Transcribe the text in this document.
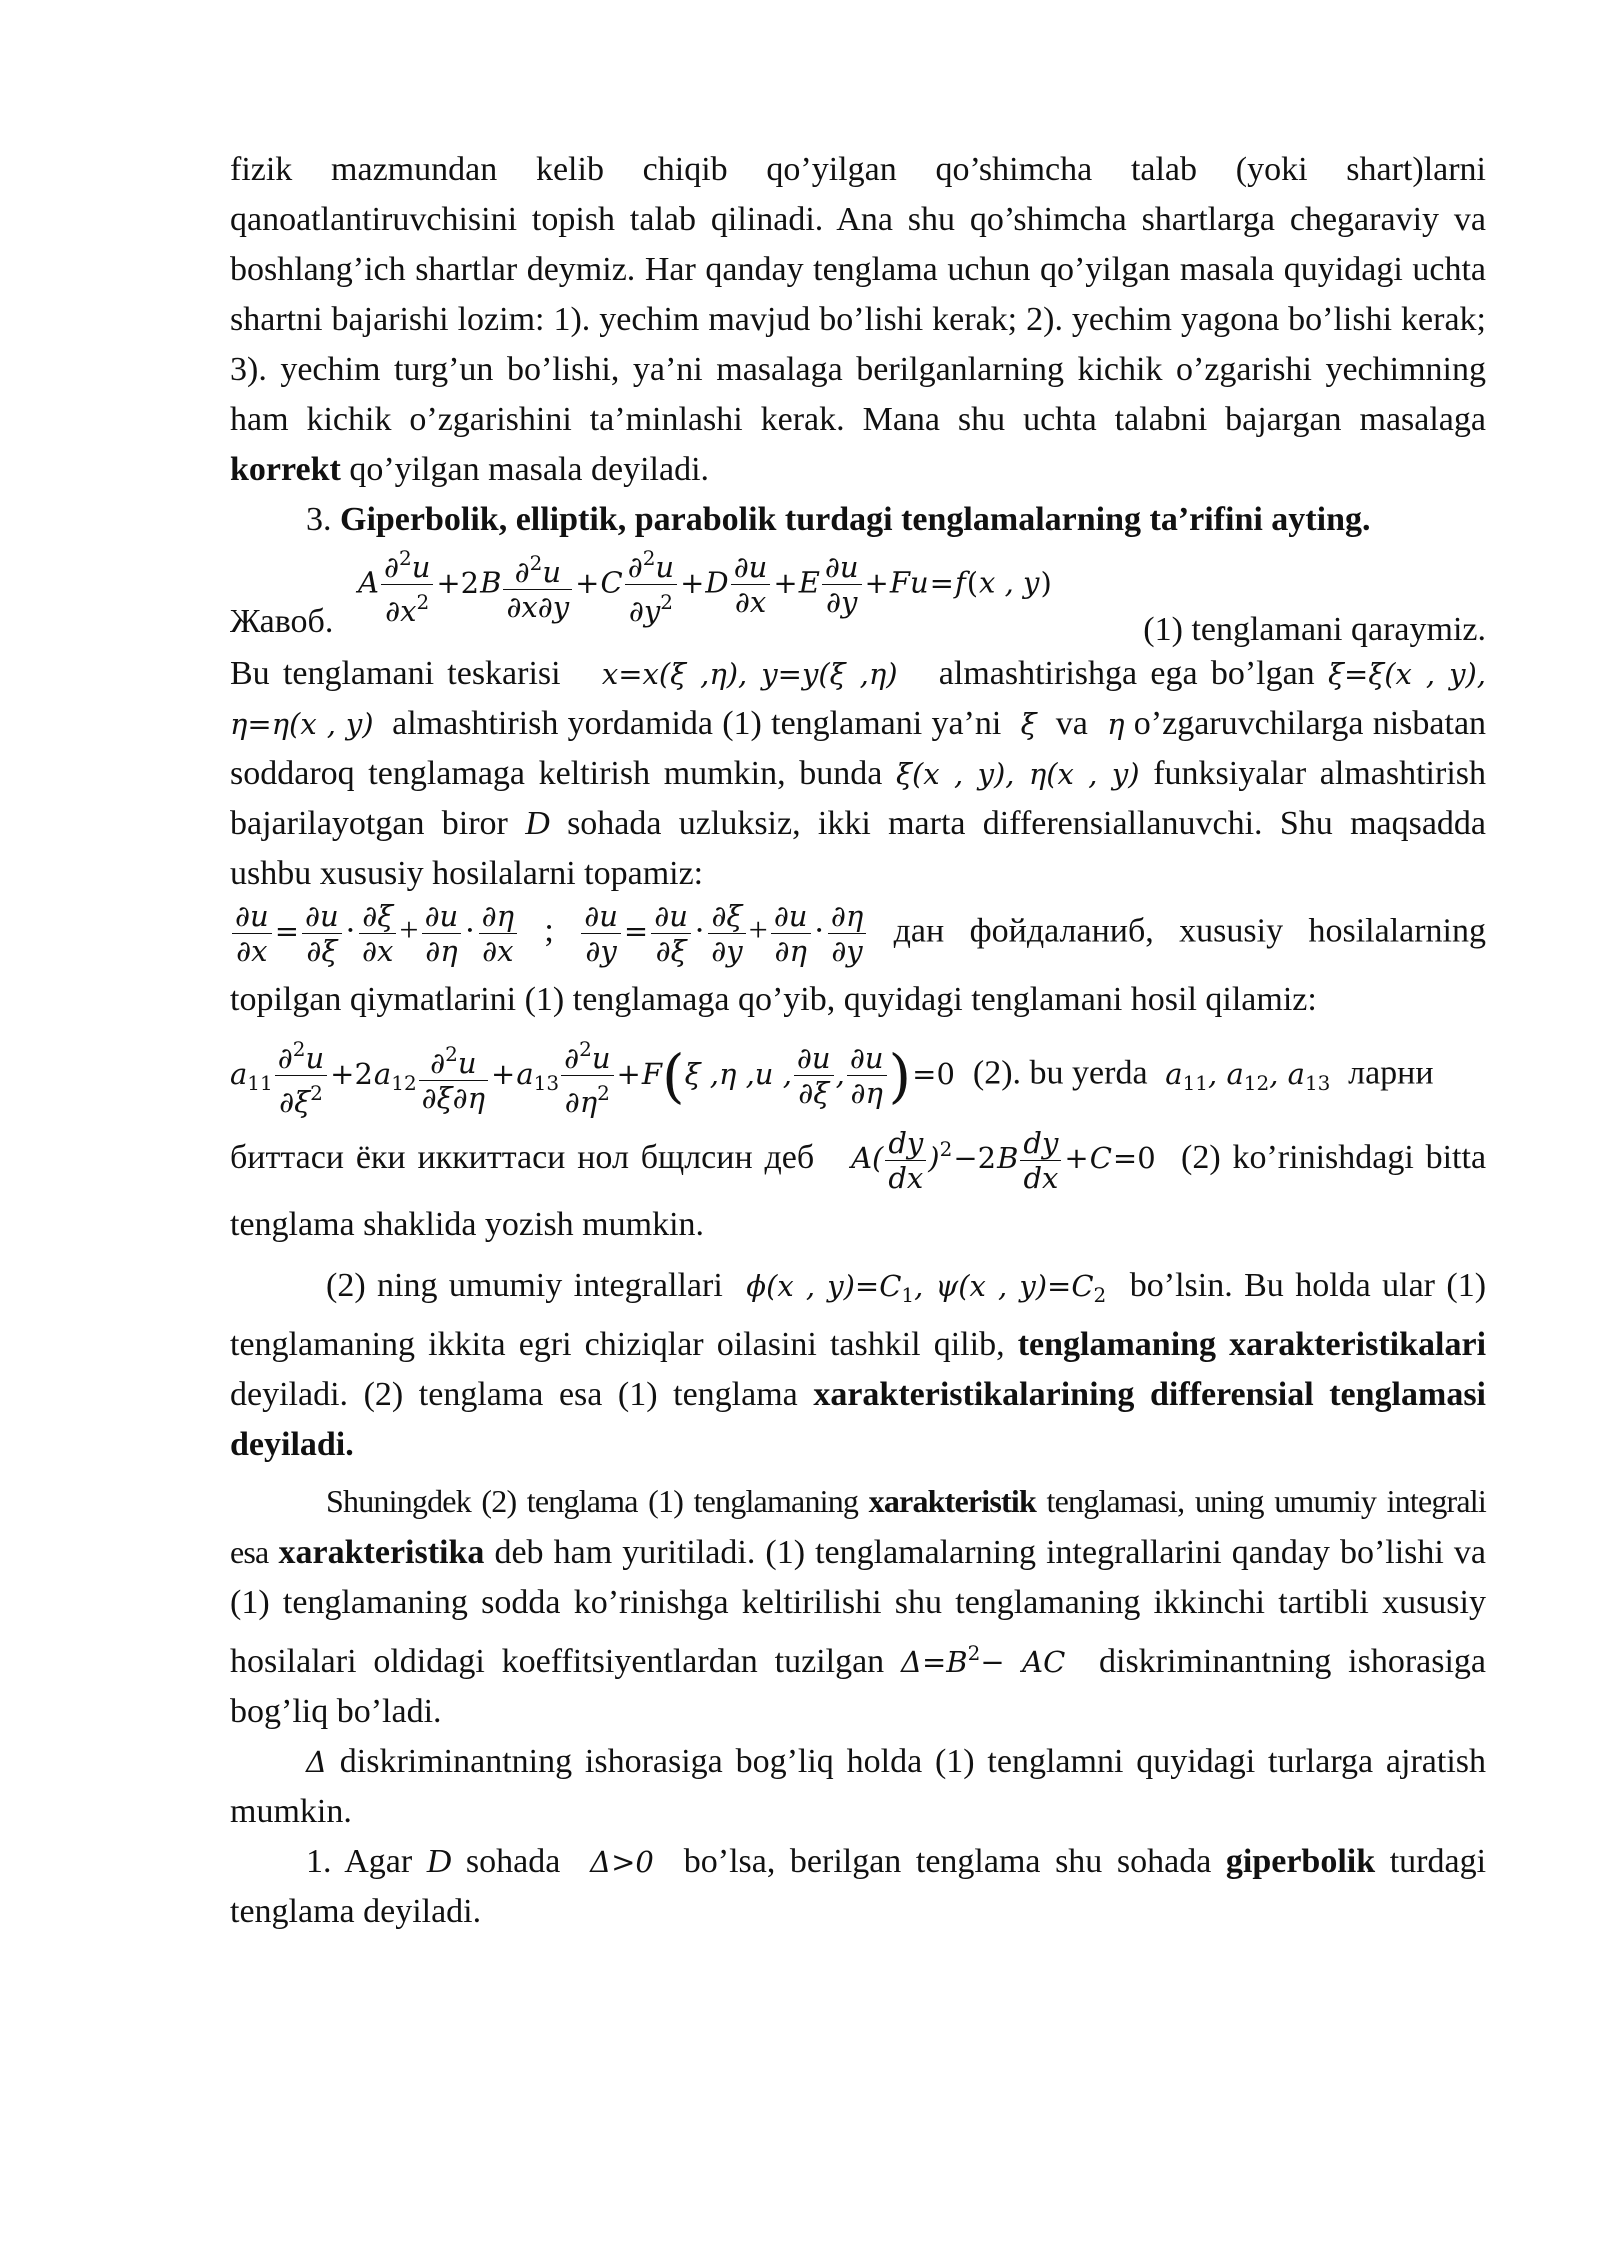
fizik mazmundan kelib chiqib qo’yilgan qo’shimcha talab (yoki shart)larni qanoatlantiruvchisini topish talab qilinadi. Ana shu qo’shimcha shartlarga chegaraviy va boshlang’ich shartlar deymiz. Har qanday tenglama uchun qo’yilgan masala quyidagi uchta shartni bajarishi lozim: 1). yechim mavjud bo’lishi kerak; 2). yechim yagona bo’lishi kerak; 3). yechim turg’un bo’lishi, ya’ni masalaga berilganlarning kichik o’zgarishi yechimning ham kichik o’zgarishini ta’minlashi kerak. Mana shu uchta talabni bajargan masalaga korrekt qo’yilgan masala deyiladi.

3. Giperbolik, elliptik, parabolik turdagi tenglamalarning ta’rifini ayting.

A $\frac{\partial^2u}{\partial x^2} +2B \frac{\partial^2u}{\partial x\partial y} +C \frac{\partial^2u}{\partial y^2} +D \frac{\partial u}{\partial x} +E \frac{\partial u}{\partial y} +Fu=f(x$ , y)
Жавоб.	(1) tenglamani qaraymiz.

Bu tenglamani teskarisi   x=x(ξ ,η), y=y(ξ ,η)   almashtirishga ega bo’lgan ξ=ξ(x , y), η=η(x , y) almashtirish yordamida (1) tenglamani ya’ni  ξ  va  η o’zgaruvchilarga nisbatan soddaroq tenglamaga keltirish mumkin, bunda ξ(x , y), η(x , y) funksiyalar almashtirish bajarilayotgan biror D sohada uzluksiz, ikki marta differensiallanuvchi. Shu maqsadda ushbu xususiy hosilalarni topamiz:

$\frac{\partial u}{\partial x} = \frac{\partial u}{\partial\xi} \cdot \frac{\partial\xi}{\partial x} + \frac{\partial u}{\partial\eta} \cdot \frac{\partial\eta}{\partial x}$ ; $\frac{\partial u}{\partial y} = \frac{\partial u}{\partial\xi} \cdot \frac{\partial\xi}{\partial y} + \frac{\partial u}{\partial\eta} \cdot \frac{\partial\eta}{\partial y}$ дан фойдаланиб, xususiy hosilalarning topilgan qiymatlarini (1) tenglamaga qo’yib, quyidagi tenglamani hosil qilamiz:

$a_{11} \frac{\partial^2u}{\partial\xi^2} +2a_{12} \frac{\partial^2u}{\partial\xi\partial\eta} +a_{13} \frac{\partial^2u}{\partial\eta^2} +F(\xi$ ,η ,u , $\frac{\partial u}{\partial\xi}$ , $\frac{\partial u}{\partial\eta} )=0$ (2). bu yerda  $a_{11}$, $a_{12}$, $a_{13}$ ларни

биттаси ёки иккиттаси нол бщлсин деб   $A( \frac{dy}{dx} )^2-2B \frac{dy}{dx} +C=0$ (2) ko’rinishdagi bitta tenglama shaklida yozish mumkin.

(2) ning umumiy integrallari  ϕ(x , $y)=C_1$, ψ(x , $y)=C_2$ bo’lsin. Bu holda ular (1) tenglamaning ikkita egri chiziqlar oilasini tashkil qilib, tenglamaning xarakteristikalari deyiladi. (2) tenglama esa (1) tenglama xarakteristikalarining differensial tenglamasi deyiladi.

Shuningdek (2) tenglama (1) tenglamaning xarakteristik tenglamasi, uning umumiy integrali esa xarakteristika deb ham yuritiladi. (1) tenglamalarning integrallarini qanday bo’lishi va (1) tenglamaning sodda ko’rinishga keltirilishi shu tenglamaning ikkinchi tartibli xususiy hosilalari oldidagi koeffitsiyentlardan tuzilgan $\Delta=B^2-$ AC diskriminantning ishorasiga bog’liq bo’ladi.

Δ diskriminantning ishorasiga bog’liq holda (1) tenglamni quyidagi turlarga ajratish mumkin.

1. Agar D sohada  Δ>0  bo’lsa, berilgan tenglama shu sohada giperbolik turdagi tenglama deyiladi.
